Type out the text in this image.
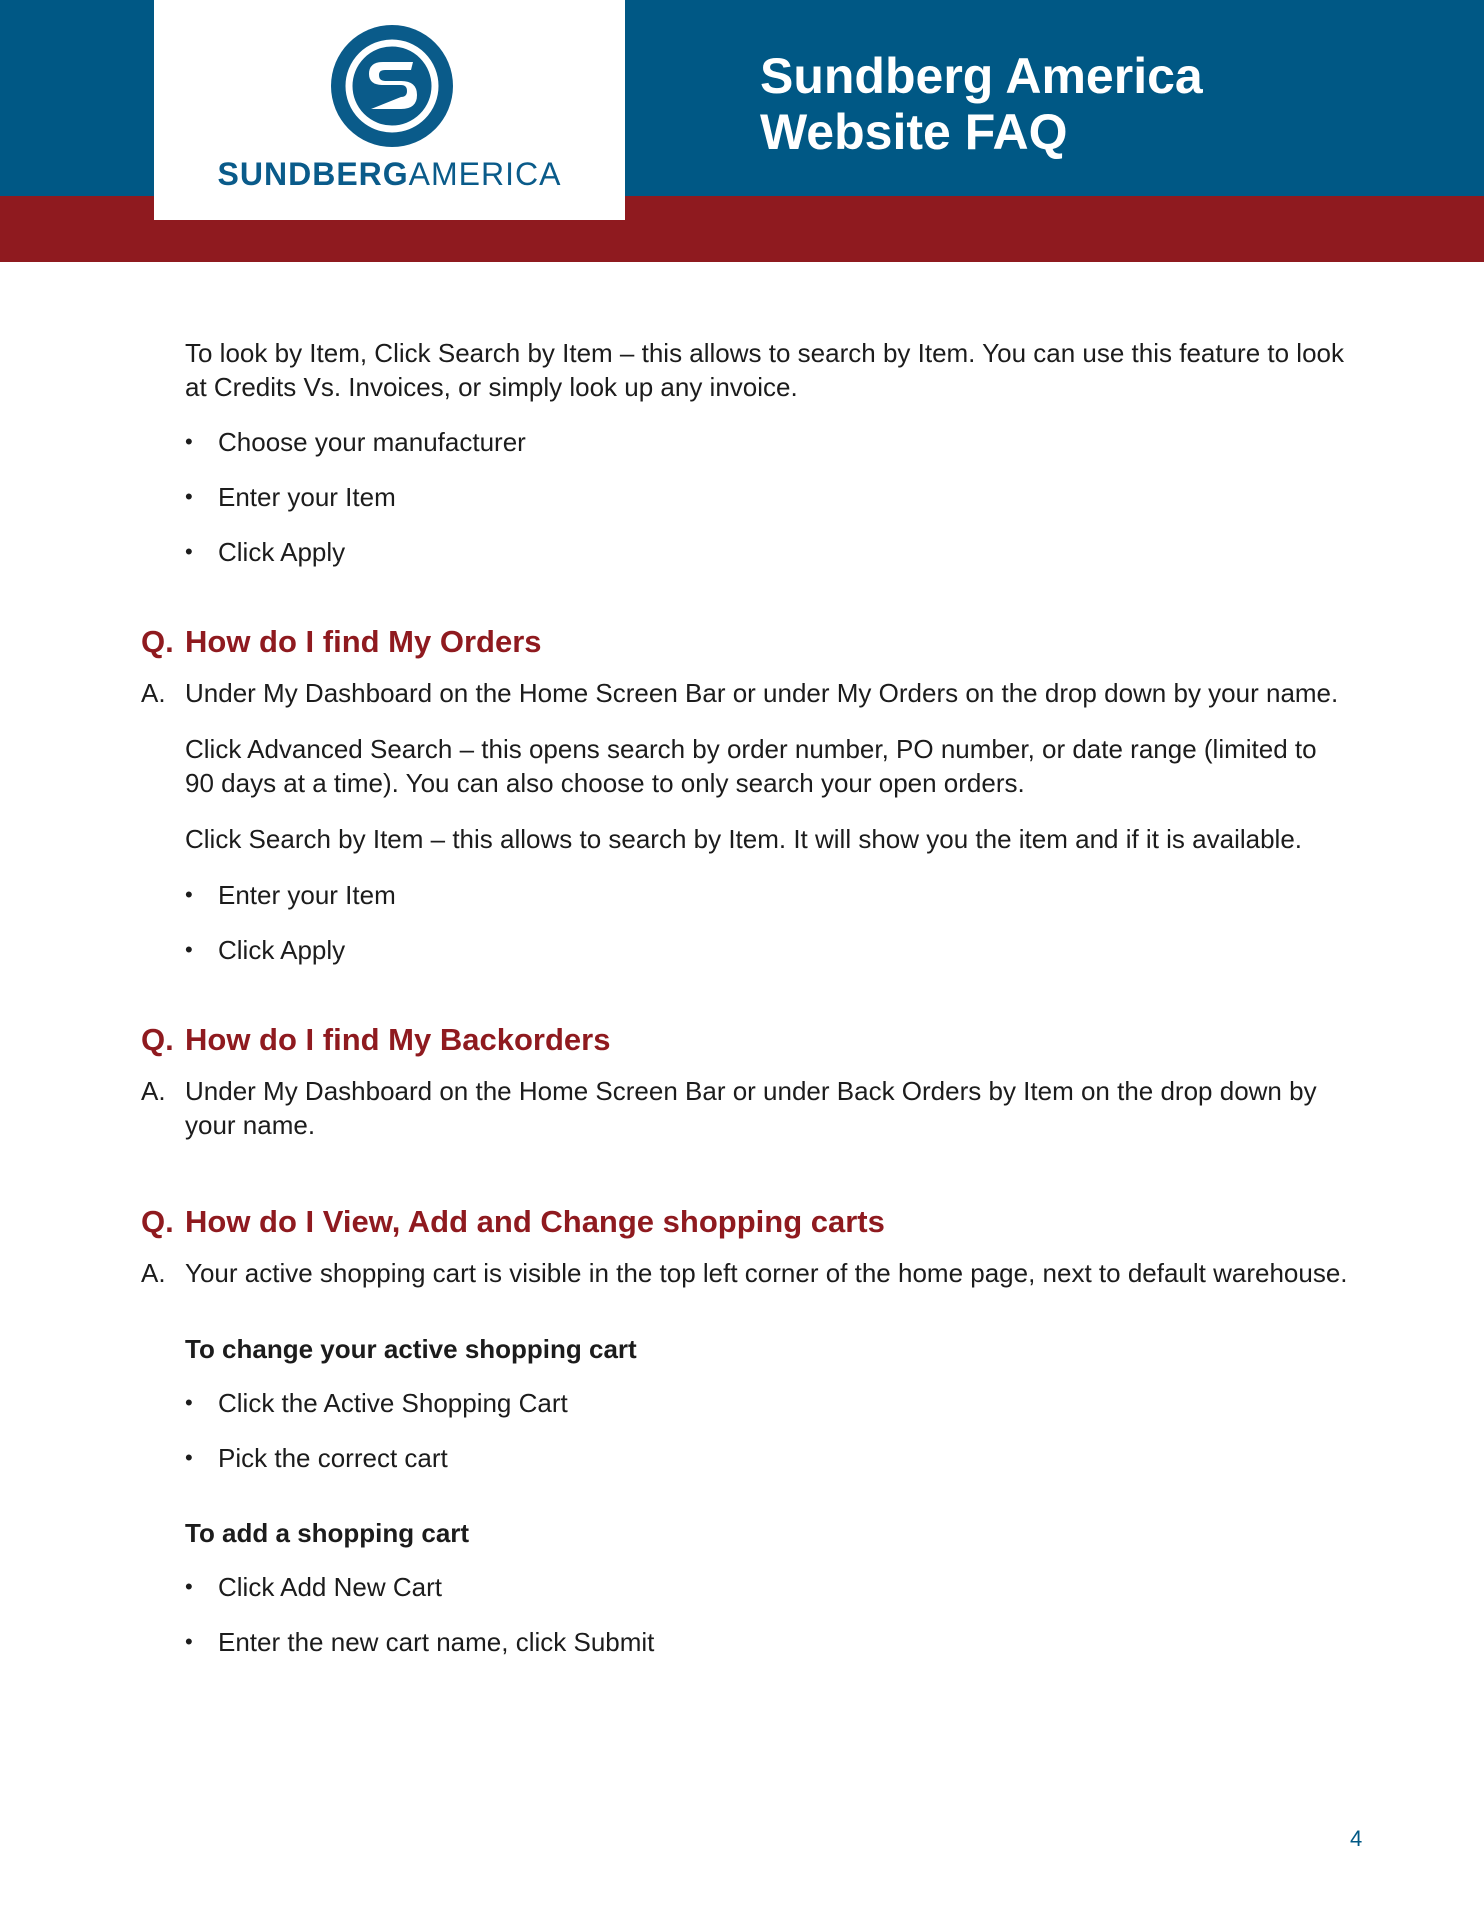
SUNDBERGAMERICA
Sundberg America
Website FAQ
To look by Item, Click Search by Item – this allows to search by Item. You can use this feature to look at Credits Vs. Invoices, or simply look up any invoice.
• Choose your manufacturer
• Enter your Item
• Click Apply
Q. How do I find My Orders
A. Under My Dashboard on the Home Screen Bar or under My Orders on the drop down by your name.
Click Advanced Search – this opens search by order number, PO number, or date range (limited to 90 days at a time). You can also choose to only search your open orders.
Click Search by Item – this allows to search by Item. It will show you the item and if it is available.
• Enter your Item
• Click Apply
Q. How do I find My Backorders
A. Under My Dashboard on the Home Screen Bar or under Back Orders by Item on the drop down by your name.
Q. How do I View, Add and Change shopping carts
A. Your active shopping cart is visible in the top left corner of the home page, next to default warehouse.
To change your active shopping cart
• Click the Active Shopping Cart
• Pick the correct cart
To add a shopping cart
• Click Add New Cart
• Enter the new cart name, click Submit
4
